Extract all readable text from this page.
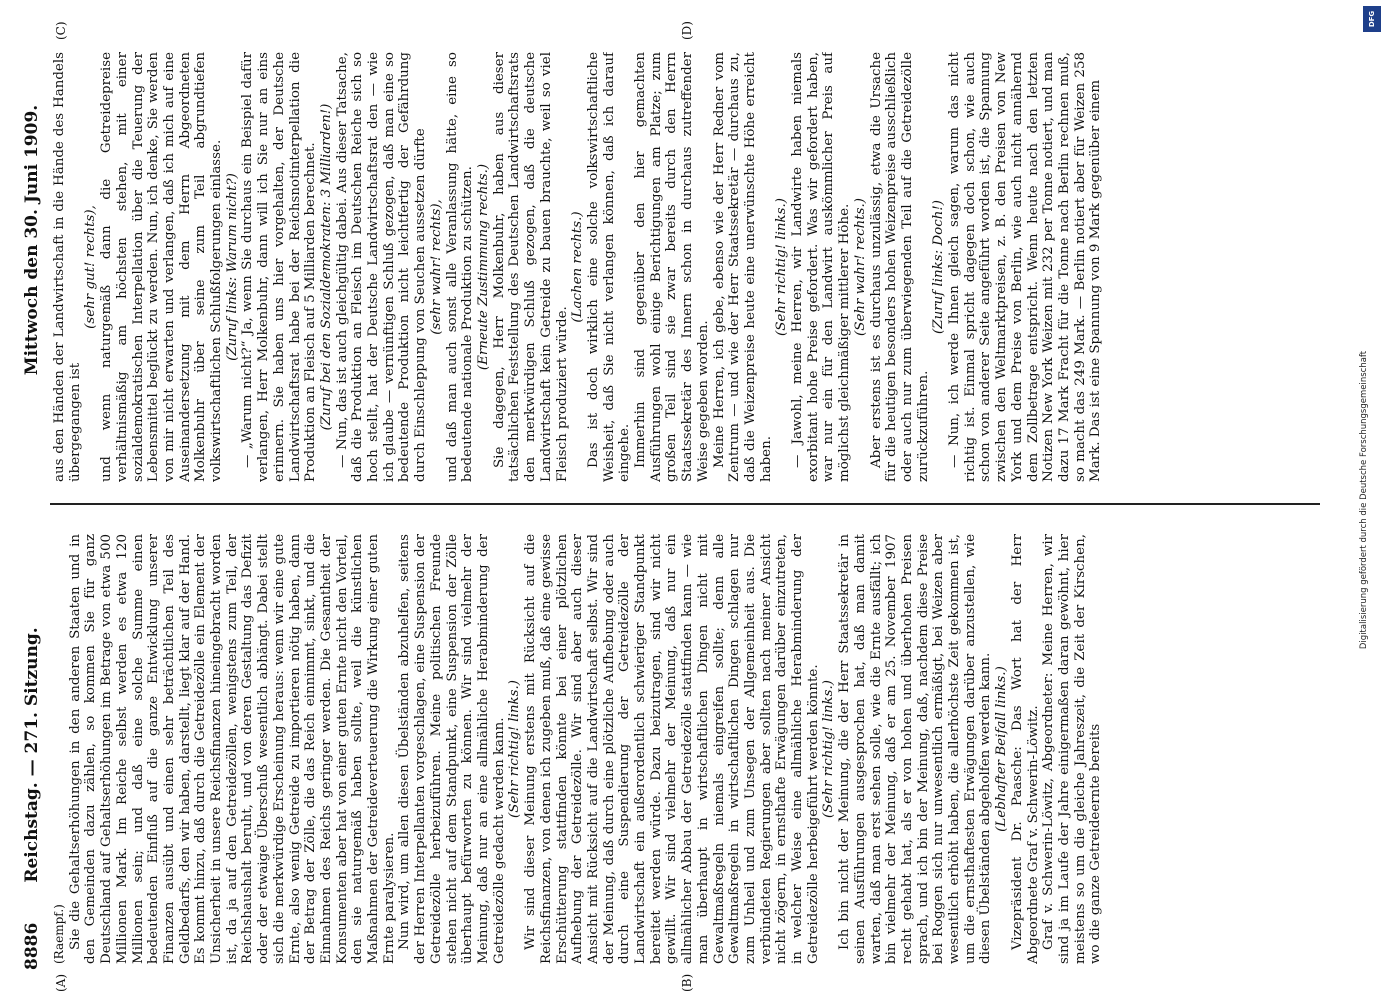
8886
Reichstag. — 271. Sitzung.
Mittwoch den 30. Juni 1909.
(A)	(B)
(C)	(D)

(Raempf.) Sie die Gehaltserhöhungen in den anderen Staaten und in den Gemeinden dazu zählen, so kommen Sie für ganz Deutschland auf Gehaltserhöhungen im Betrage von etwa 500 Millionen Mark. Im Reiche selbst werden es etwa 120 Millionen sein; und daß eine solche Summe einen bedeutenden Einfluß auf die ganze Entwicklung unserer Finanzen ausübt und einen sehr beträchtlichen Teil des Geldbedarfs, den wir haben, darstellt, liegt klar auf der Hand. Es kommt hinzu, daß durch die Getreidezölle ein Element der Unsicherheit in unsere Reichsfinanzen hineingebracht worden ist, da ja auf den Getreidezöllen, wenigstens zum Teil, der Reichshaushalt beruht, und von deren Gestaltung das Defizit oder der etwaige Überschuß wesentlich abhängt. Dabei stellt sich die merkwürdige Erscheinung heraus: wenn wir eine gute Ernte, also wenig Getreide zu importieren nötig haben, dann der Betrag der Zölle, die das Reich einnimmt, sinkt, und die Einnahmen des Reichs geringer werden. Die Gesamtheit der Konsumenten aber hat von einer guten Ernte nicht den Vorteil, den sie naturgemäß haben sollte, weil die künstlichen Maßnahmen der Getreideverteuerung die Wirkung einer guten Ernte paralysieren. Nun wird, um allen diesen Übelständen abzuhelfen, seitens der Herren Interpellanten vorgeschlagen, eine Suspension der Getreidezölle herbeizuführen. Meine politischen Freunde stehen nicht auf dem Standpunkt, eine Suspension der Zölle überhaupt befürworten zu können. Wir sind vielmehr der Meinung, daß nur an eine allmähliche Herabminderung der Getreidezölle gedacht werden kann. (Sehr richtig! links.) Wir sind dieser Meinung erstens mit Rücksicht auf die Reichsfinanzen, von denen ich zugeben muß, daß eine gewisse Erschütterung stattfinden könnte bei einer plötzlichen Aufhebung der Getreidezölle. Wir sind aber auch dieser Ansicht mit Rücksicht auf die Landwirtschaft selbst. Wir sind der Meinung, daß durch eine plötzliche Aufhebung oder auch durch eine Suspendierung der Getreidezölle der Landwirtschaft ein außerordentlich schwieriger Standpunkt bereitet werden würde. Dazu beizutragen, sind wir nicht gewillt. Wir sind vielmehr der Meinung, daß nur ein allmählicher Abbau der Getreidezölle stattfinden kann — wie man überhaupt in wirtschaftlichen Dingen nicht mit Gewaltmaßregeln niemals eingreifen sollte; denn alle Gewaltmaßregeln in wirtschaftlichen Dingen schlagen nur zum Unheil und zum Unsegen der Allgemeinheit aus. Die verbündeten Regierungen aber sollten nach meiner Ansicht nicht zögern, in ernsthafte Erwägungen darüber einzutreten, in welcher Weise eine allmähliche Herabminderung der Getreidezölle herbeigeführt werden könnte. (Sehr richtig! links.) Ich bin nicht der Meinung, die der Herr Staatssekretär in seinen Ausführungen ausgesprochen hat, daß man damit warten, daß man erst sehen solle, wie die Ernte ausfällt; ich bin vielmehr der Meinung, daß er am 25. November 1907 recht gehabt hat, als er von hohen und überhohen Preisen sprach, und ich bin der Meinung, daß, nachdem diese Preise bei Roggen sich nur unwesentlich ermäßigt, bei Weizen aber wesentlich erhöht haben, die allerhöchste Zeit gekommen ist, um die ernsthaftesten Erwägungen darüber anzustellen, wie diesen Übelständen abgeholfen werden kann. (Lebhafter Beifall links.) Vizepräsident Dr. Paasche: Das Wort hat der Herr Abgeordnete Graf v. Schwerin-Löwitz. Graf v. Schwerin-Löwitz, Abgeordneter: Meine Herren, wir sind ja im Laufe der Jahre einigermaßen daran gewöhnt, hier meistens so um die gleiche Jahreszeit, die Zeit der Kirschen, wo die ganze Getreideernte bereits

aus den Händen der Landwirtschaft in die Hände des Handels übergegangen ist

(sehr gut! rechts), und wenn naturgemäß dann die Getreidepreise verhältnismäßig am höchsten stehen, mit einer sozialdemokratischen Interpellation über die Teuerung der Lebensmittel beglückt zu werden. Nun, ich denke, Sie werden von mir nicht erwarten und verlangen, daß ich mich auf eine Auseinandersetzung mit dem Herrn Abgeordneten Molkenbuhr über seine zum Teil abgrundtiefen volkswirtschaftlichen Schlußfolgerungen einlasse. (Zuruf links: Warum nicht?) — „Warum nicht?“ Ja, wenn Sie durchaus ein Beispiel dafür verlangen, Herr Molkenbuhr, dann will ich Sie nur an eins erinnern. Sie haben uns hier vorgehalten, der Deutsche Landwirtschaftsrat habe bei der Reichsnotinterpellation die Produktion an Fleisch auf 5 Milliarden berechnet. (Zuruf bei den Sozialdemokraten: 3 Milliarden!) — Nun, das ist auch gleichgültig dabei. Aus dieser Tatsache, daß die Produktion an Fleisch im Deutschen Reiche sich so hoch stellt, hat der Deutsche Landwirtschaftsrat den — wie ich glaube — vernünftigen Schluß gezogen, daß man eine so bedeutende Produktion nicht leichtfertig der Gefährdung durch Einschleppung von Seuchen aussetzen dürfte (sehr wahr! rechts), und daß man auch sonst alle Veranlassung hätte, eine so bedeutende nationale Produktion zu schützen. (Erneute Zustimmung rechts.) Sie dagegen, Herr Molkenbuhr, haben aus dieser tatsächlichen Feststellung des Deutschen Landwirtschaftsrats den merkwürdigen Schluß gezogen, daß die deutsche Landwirtschaft kein Getreide zu bauen brauchte, weil so viel Fleisch produziert würde.

(Lachen rechts.) Das ist doch wirklich eine solche volkswirtschaftliche Weisheit, daß Sie nicht verlangen können, daß ich darauf eingehe. Immerhin sind gegenüber den hier gemachten Ausführungen wohl einige Berichtigungen am Platze; zum großen Teil sind sie zwar bereits durch den Herrn Staatssekretär des Innern schon in durchaus zutreffender Weise gegeben worden. Meine Herren, ich gebe, ebenso wie der Herr Redner vom Zentrum — und wie der Herr Staatssekretär — durchaus zu, daß die Weizenpreise heute eine unerwünschte Höhe erreicht haben.

(Sehr richtig! links.) — Jawohl, meine Herren, wir Landwirte haben niemals exorbitant hohe Preise gefordert. Was wir gefordert haben, war nur ein für den Landwirt auskömmlicher Preis auf möglichst gleichmäßiger mittlerer Höhe. (Sehr wahr! rechts.) Aber erstens ist es durchaus unzulässig, etwa die Ursache für die heutigen besonders hohen Weizenpreise ausschließlich oder auch nur zum überwiegenden Teil auf die Getreidezölle zurückzuführen.

(Zuruf links: Doch!) — Nun, ich werde Ihnen gleich sagen, warum das nicht richtig ist. Einmal spricht dagegen doch schon, wie auch schon von anderer Seite angeführt worden ist, die Spannung zwischen den Weltmarktpreisen, z. B. den Preisen von New York und dem Preise von Berlin, wie auch nicht annähernd dem Zollbetrage entspricht. Wenn heute nach den letzten Notizen New York Weizen mit 232 per Tonne notiert, und man dazu 17 Mark Fracht für die Tonne nach Berlin rechnen muß, so macht das 249 Mark. — Berlin notiert aber für Weizen 258 Mark. Das ist eine Spannung von 9 Mark gegenüber einem

Digitalisierung gefördert durch die Deutsche Forschungsgemeinschaft
DFG
